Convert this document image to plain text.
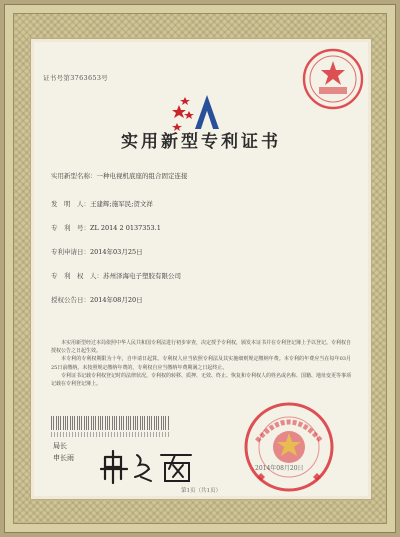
证书号第3763653号
实用新型专利证书
实用新型名称：一种电视机底座的组合固定连接
发　明　人：王建辉;施军民;贺文祥
专　利　号：ZL 2014 2 0137353.1
专利申请日：2014年03月25日
专　利　权　人：苏州泽海电子塑胶有限公司
授权公告日：2014年08月20日
本实用新型经过本局依照中华人民共和国专利法进行初步审查，决定授予专利权，颁发本证书并在专利登记簿上予以登记。专利权自授权公告之日起生效。
本专利的专利权期限为十年，自申请日起算。专利权人应当依照专利法及其实施细则规定缴纳年费。本专利的年费应当在每年03月25日前缴纳。未按照规定缴纳年费的，专利权自应当缴纳年费期满之日起终止。
专利证书记载专利权登记时的法律状况。专利权的转移、质押、无效、终止、恢复和专利权人的姓名或名称、国籍、地址变更等事项记载在专利登记簿上。
局长
申长雨
2014年08月20日
第1页（共1页）
